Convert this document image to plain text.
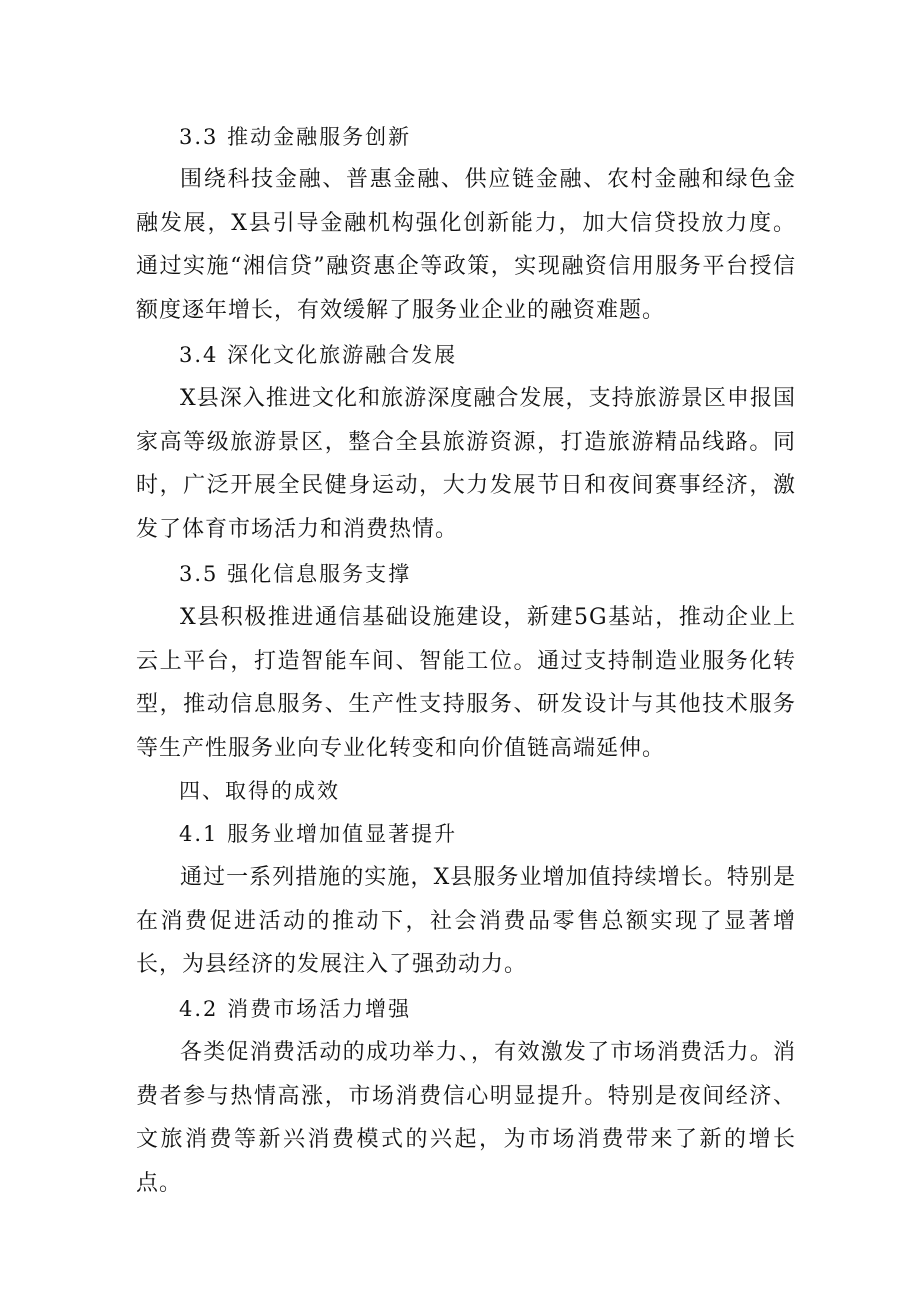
3.3 推动金融服务创新

围绕科技金融、普惠金融、供应链金融、农村金融和绿色金融发展，X县引导金融机构强化创新能力，加大信贷投放力度。通过实施“湘信贷”融资惠企等政策，实现融资信用服务平台授信额度逐年增长，有效缓解了服务业企业的融资难题。

3.4 深化文化旅游融合发展

X县深入推进文化和旅游深度融合发展，支持旅游景区申报国家高等级旅游景区，整合全县旅游资源，打造旅游精品线路。同时，广泛开展全民健身运动，大力发展节日和夜间赛事经济，激发了体育市场活力和消费热情。

3.5 强化信息服务支撑

X县积极推进通信基础设施建设，新建5G基站，推动企业上云上平台，打造智能车间、智能工位。通过支持制造业服务化转型，推动信息服务、生产性支持服务、研发设计与其他技术服务等生产性服务业向专业化转变和向价值链高端延伸。

四、取得的成效
4.1 服务业增加值显著提升

通过一系列措施的实施，X县服务业增加值持续增长。特别是在消费促进活动的推动下，社会消费品零售总额实现了显著增长，为县经济的发展注入了强劲动力。

4.2 消费市场活力增强

各类促消费活动的成功举力、，有效激发了市场消费活力。消费者参与热情高涨，市场消费信心明显提升。特别是夜间经济、文旅消费等新兴消费模式的兴起，为市场消费带来了新的增长点。
